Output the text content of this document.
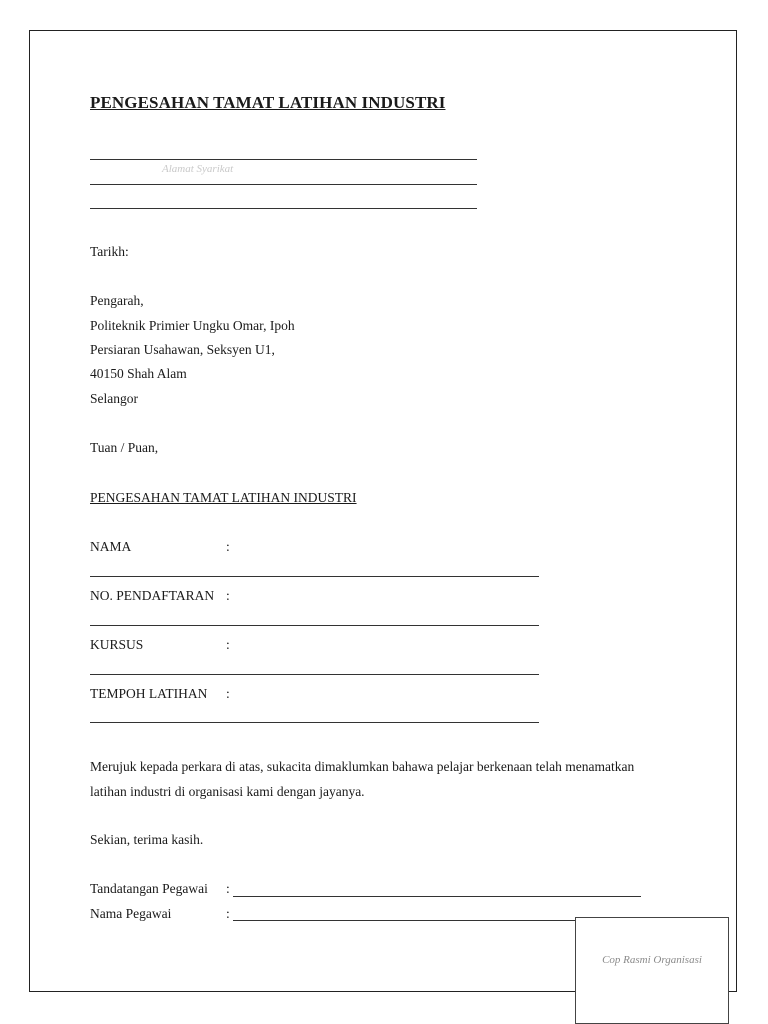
PENGESAHAN TAMAT LATIHAN INDUSTRI
Alamat Syarikat
Tarikh:
Pengarah,
Politeknik Primier Ungku Omar, Ipoh
Persiaran Usahawan, Seksyen U1,
40150 Shah Alam
Selangor
Tuan / Puan,
PENGESAHAN TAMAT LATIHAN INDUSTRI
NAMA	:
NO. PENDAFTARAN :
KURSUS	:
TEMPOH LATIHAN :
Merujuk kepada perkara di atas, sukacita dimaklumkan bahawa pelajar berkenaan telah menamatkan
latihan industri di organisasi kami dengan jayanya.
Sekian, terima kasih.
Tandatangan Pegawai :
Nama Pegawai	:
Cop Rasmi Organisasi
